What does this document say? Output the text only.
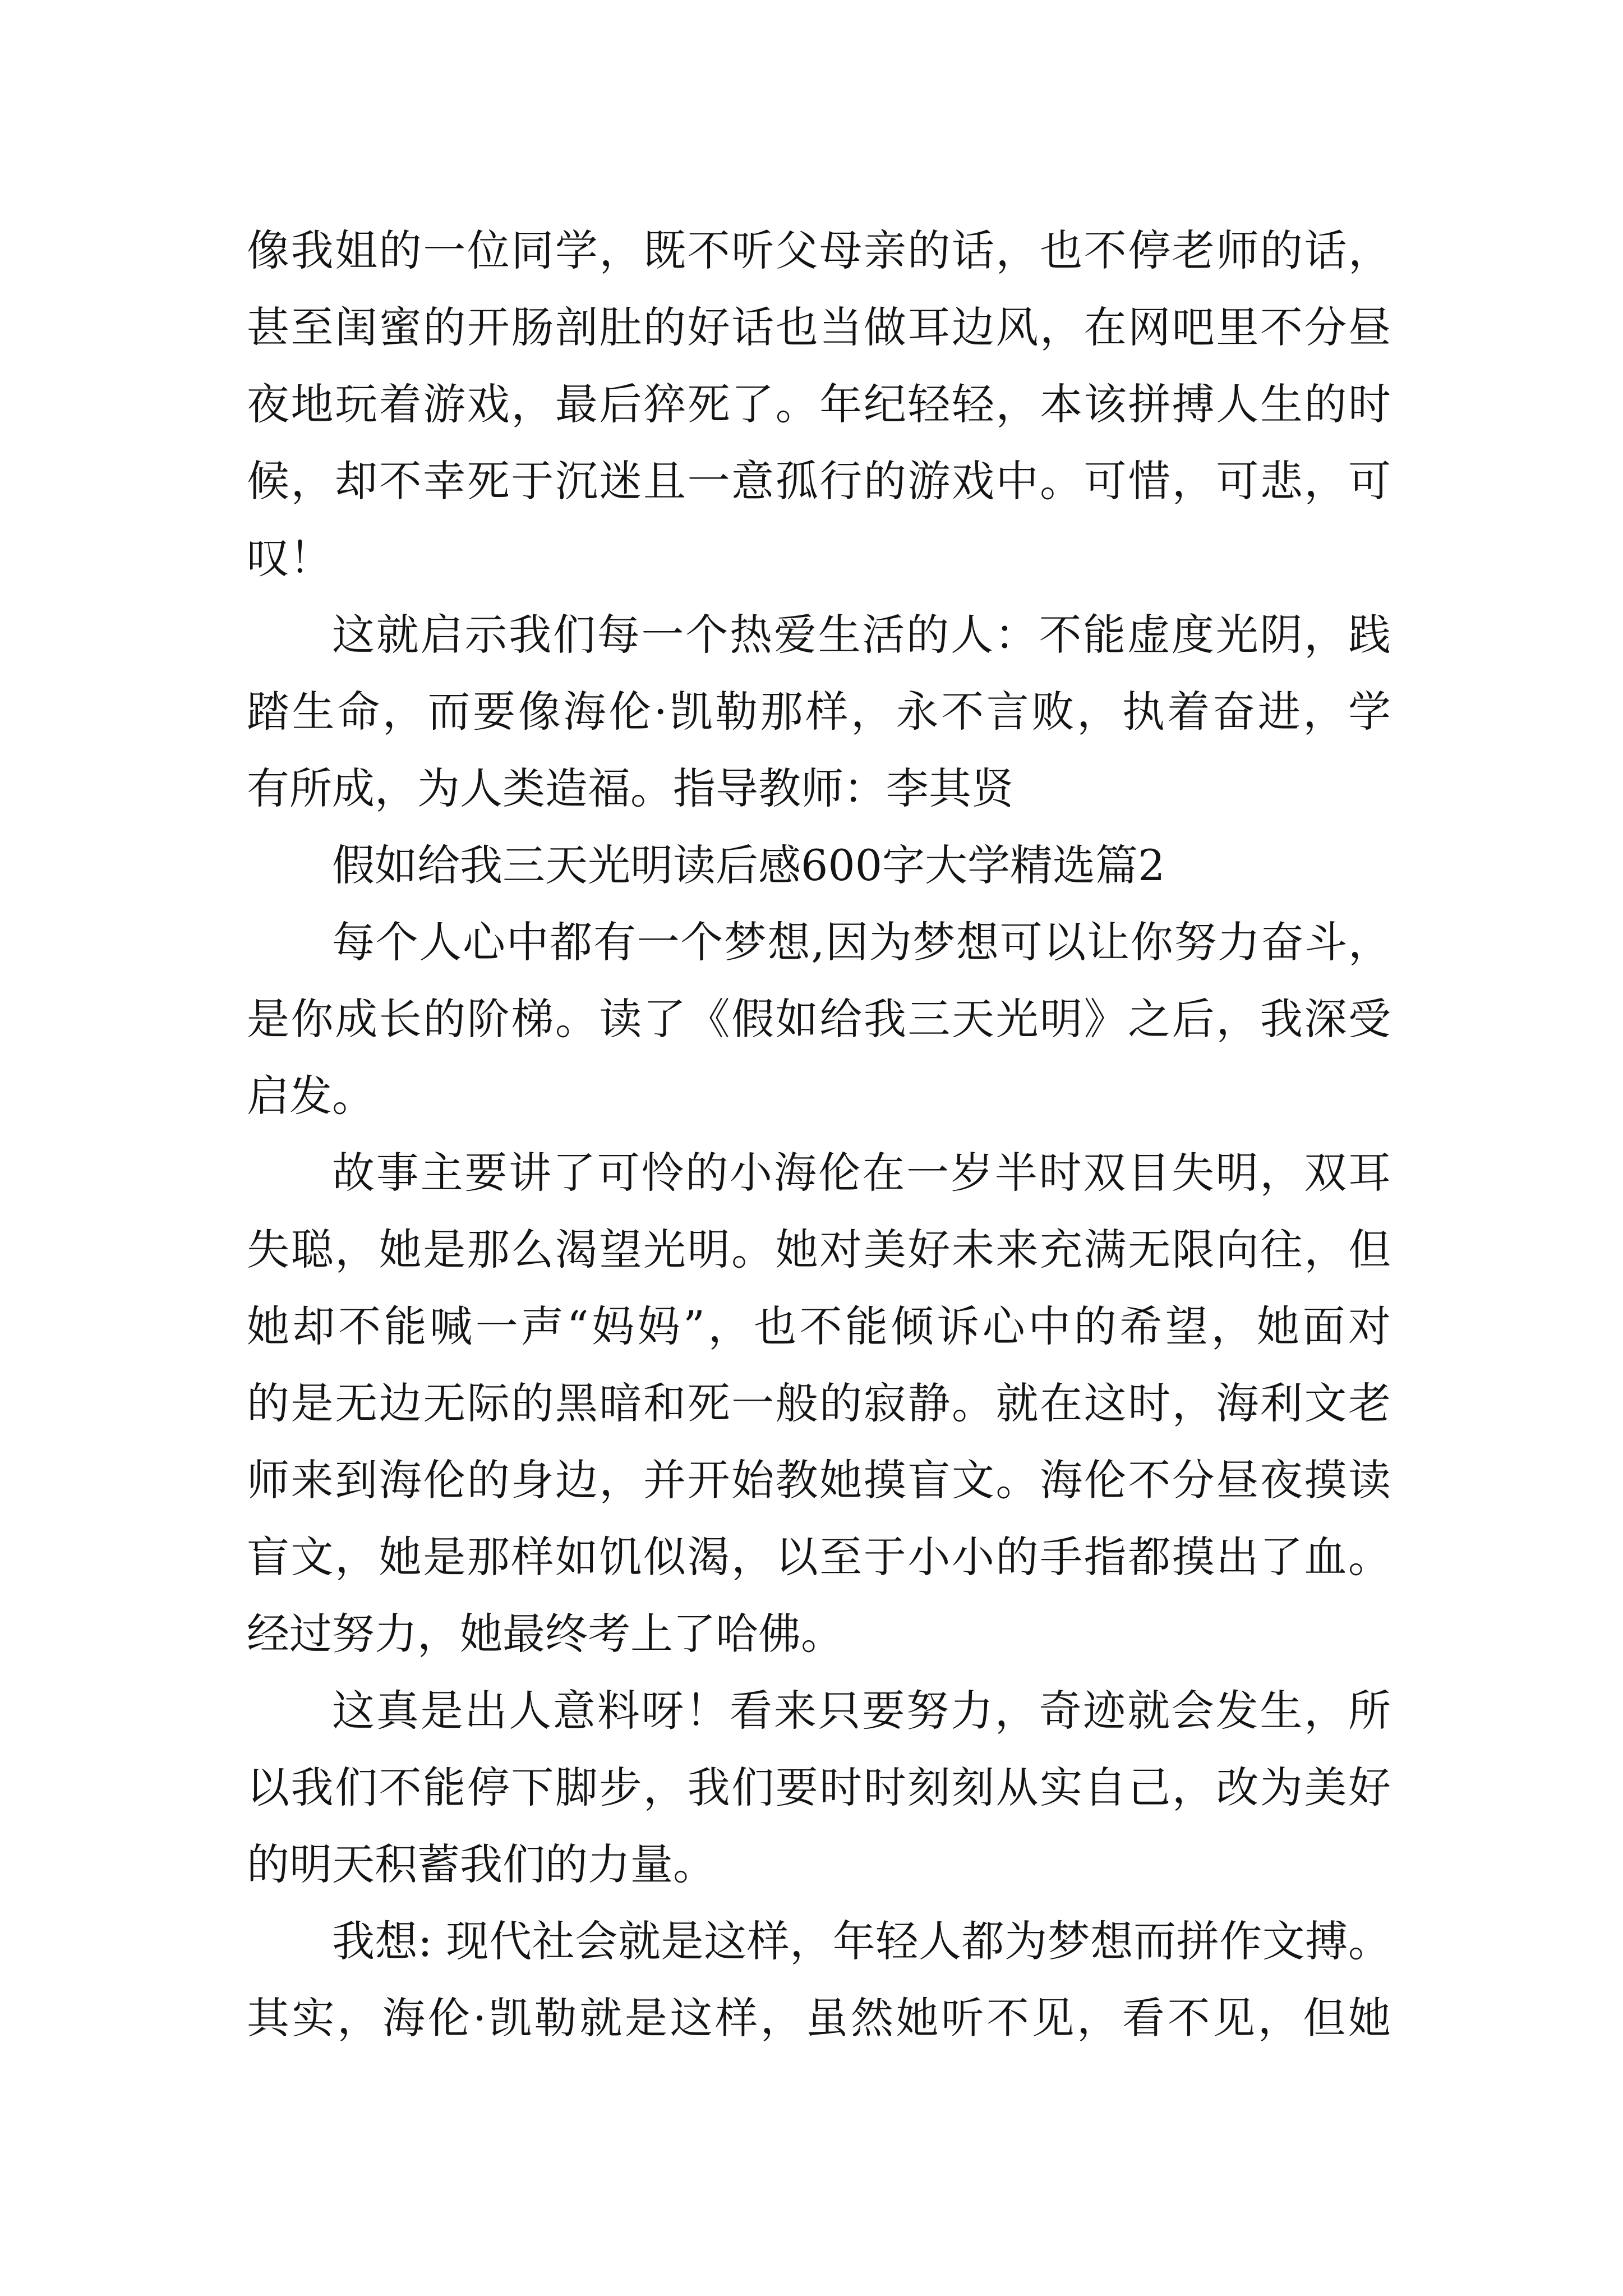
像我姐的一位同学，既不听父母亲的话，也不停老师的话，
甚至闺蜜的开肠剖肚的好话也当做耳边风，在网吧里不分昼
夜地玩着游戏，最后猝死了。年纪轻轻，本该拼搏人生的时
候，却不幸死于沉迷且一意孤行的游戏中。可惜，可悲，可
叹！
这就启示我们每一个热爱生活的人：不能虚度光阴，践
踏生命，而要像海伦·凯勒那样，永不言败，执着奋进，学
有所成，为人类造福。指导教师：李其贤
假如给我三天光明读后感600字大学精选篇2
每个人心中都有一个梦想,因为梦想可以让你努力奋斗，
是你成长的阶梯。读了《假如给我三天光明》之后，我深受
启发。
故事主要讲了可怜的小海伦在一岁半时双目失明，双耳
失聪，她是那么渴望光明。她对美好未来充满无限向往，但
她却不能喊一声“妈妈”，也不能倾诉心中的希望，她面对
的是无边无际的黑暗和死一般的寂静。就在这时，海利文老
师来到海伦的身边，并开始教她摸盲文。海伦不分昼夜摸读
盲文，她是那样如饥似渴，以至于小小的手指都摸出了血。
经过努力，她最终考上了哈佛。
这真是出人意料呀！看来只要努力，奇迹就会发生，所
以我们不能停下脚步，我们要时时刻刻从实自己，改为美好
的明天积蓄我们的力量。
我想: 现代社会就是这样，年轻人都为梦想而拼作文搏。
其实，海伦·凯勒就是这样，虽然她听不见，看不见，但她
